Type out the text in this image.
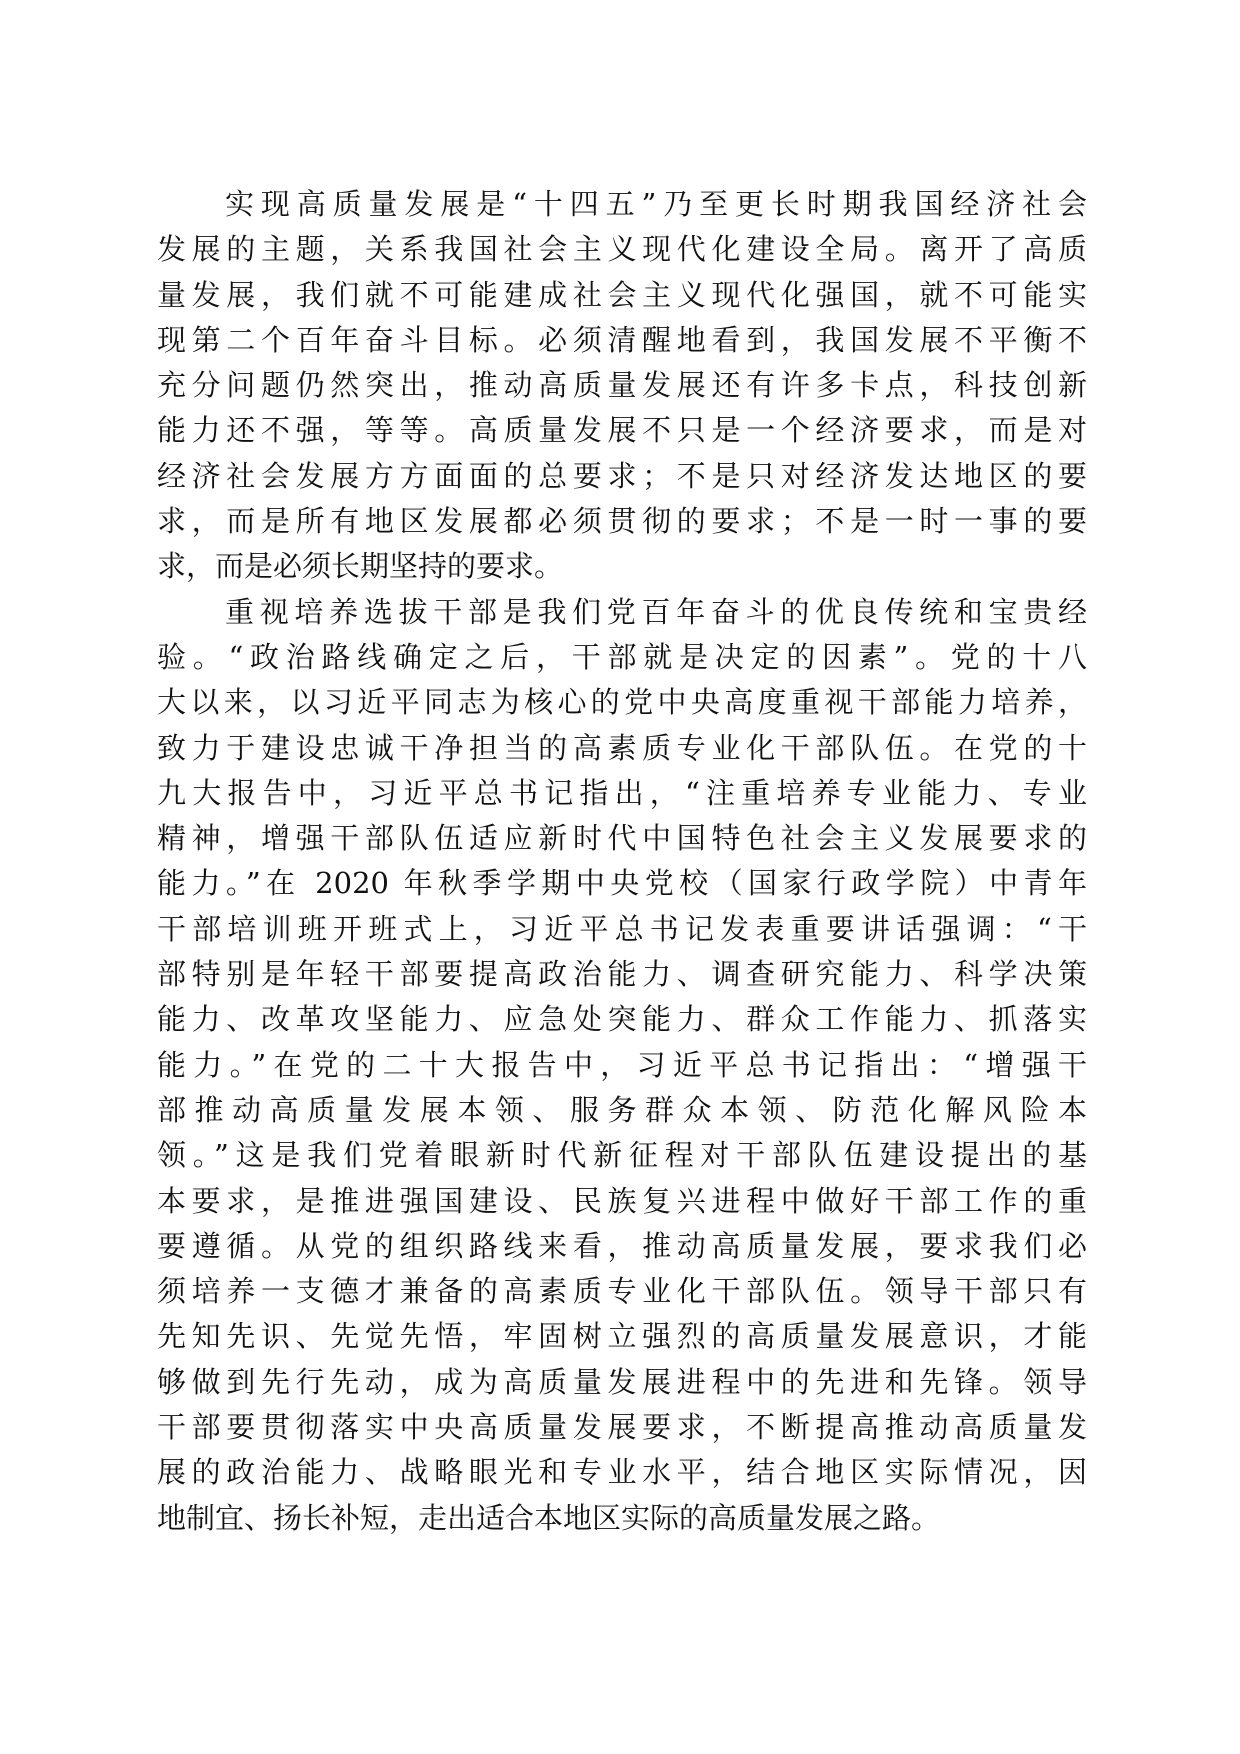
实现高质量发展是“十四五”乃至更长时期我国经济社会
发展的主题，关系我国社会主义现代化建设全局。离开了高质
量发展，我们就不可能建成社会主义现代化强国，就不可能实
现第二个百年奋斗目标。必须清醒地看到，我国发展不平衡不
充分问题仍然突出，推动高质量发展还有许多卡点，科技创新
能力还不强，等等。高质量发展不只是一个经济要求，而是对
经济社会发展方方面面的总要求；不是只对经济发达地区的要
求，而是所有地区发展都必须贯彻的要求；不是一时一事的要
求，而是必须长期坚持的要求。
重视培养选拔干部是我们党百年奋斗的优良传统和宝贵经
验。“政治路线确定之后，干部就是决定的因素”。党的十八
大以来，以习近平同志为核心的党中央高度重视干部能力培养，
致力于建设忠诚干净担当的高素质专业化干部队伍。在党的十
九大报告中，习近平总书记指出，“注重培养专业能力、专业
精神，增强干部队伍适应新时代中国特色社会主义发展要求的
能力。”在 2020 年秋季学期中央党校（国家行政学院）中青年
干部培训班开班式上，习近平总书记发表重要讲话强调：“干
部特别是年轻干部要提高政治能力、调查研究能力、科学决策
能力、改革攻坚能力、应急处突能力、群众工作能力、抓落实
能力。”在党的二十大报告中，习近平总书记指出：“增强干
部推动高质量发展本领、服务群众本领、防范化解风险本
领。”这是我们党着眼新时代新征程对干部队伍建设提出的基
本要求，是推进强国建设、民族复兴进程中做好干部工作的重
要遵循。从党的组织路线来看，推动高质量发展，要求我们必
须培养一支德才兼备的高素质专业化干部队伍。领导干部只有
先知先识、先觉先悟，牢固树立强烈的高质量发展意识，才能
够做到先行先动，成为高质量发展进程中的先进和先锋。领导
干部要贯彻落实中央高质量发展要求，不断提高推动高质量发
展的政治能力、战略眼光和专业水平，结合地区实际情况，因
地制宜、扬长补短，走出适合本地区实际的高质量发展之路。
